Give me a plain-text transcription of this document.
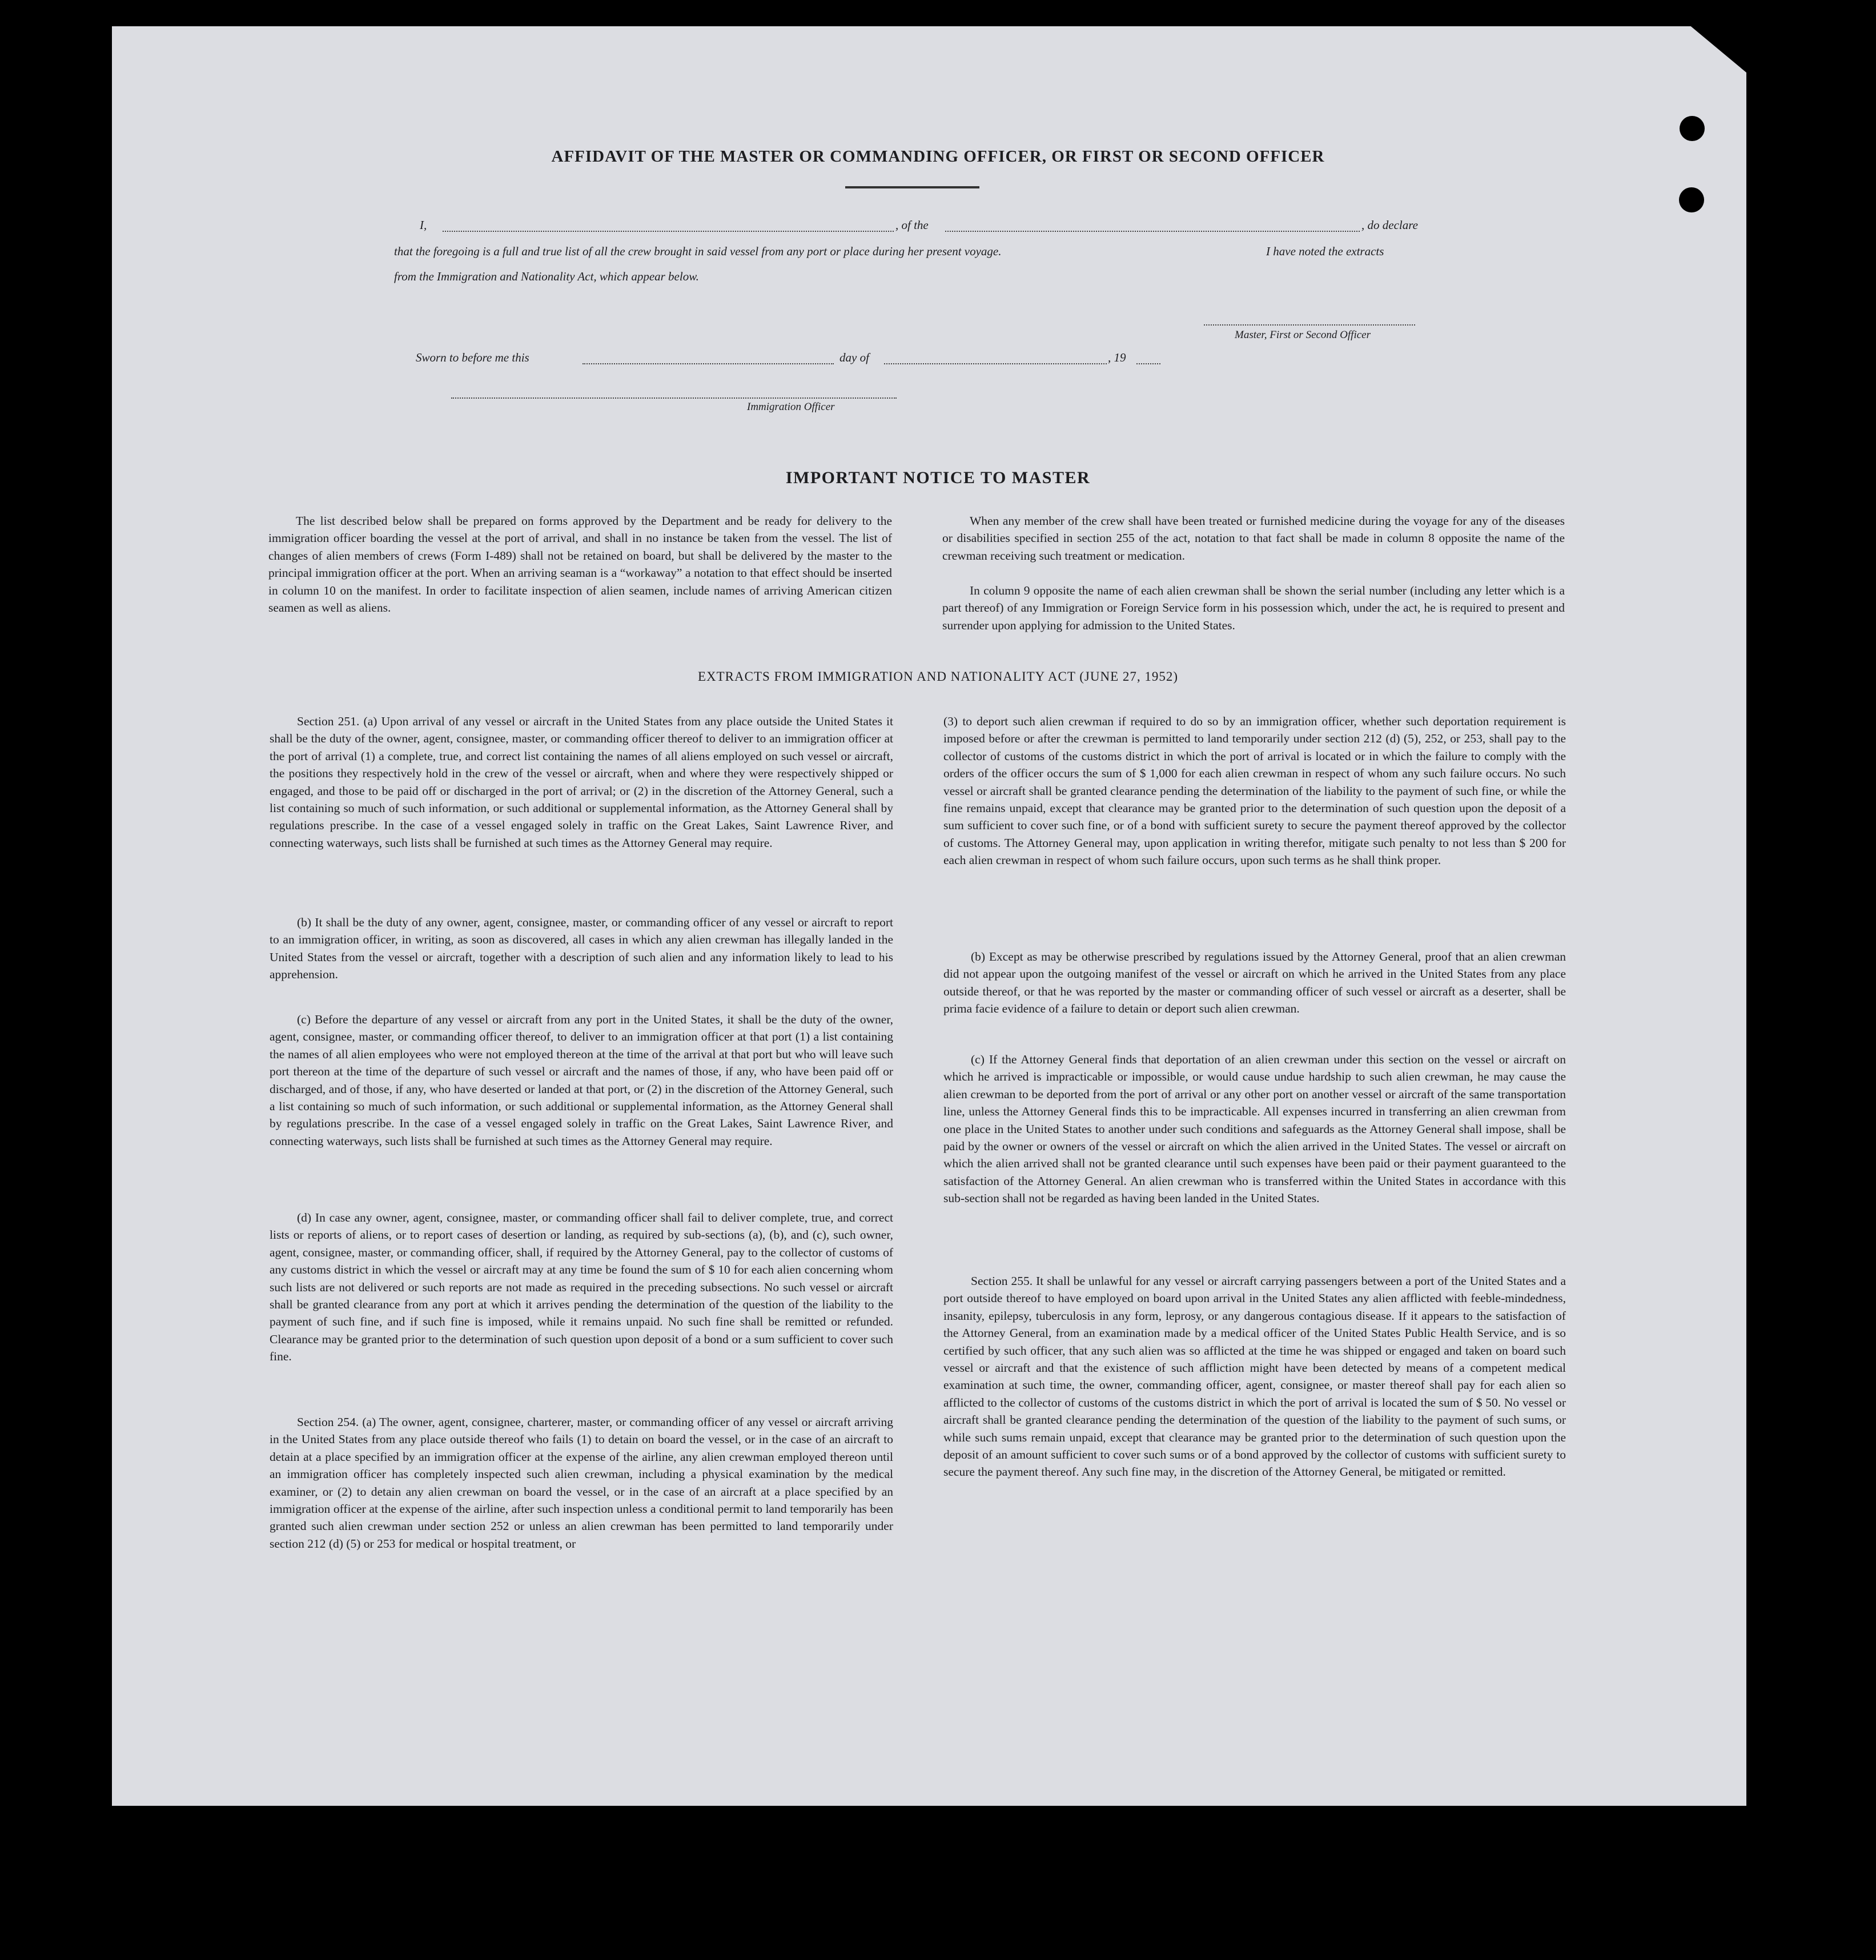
AFFIDAVIT OF THE MASTER OR COMMANDING OFFICER, OR FIRST OR SECOND OFFICER
I,	, of the	, do declare
that the foregoing is a full and true list of all the crew brought in said vessel from any port or place during her present voyage.	I have noted the extracts
from the Immigration and Nationality Act, which appear below.
Master, First or Second Officer
Sworn to before me this	day of	, 19
Immigration Officer
IMPORTANT NOTICE TO MASTER

The list described below shall be prepared on forms approved by the Department and be ready for delivery to the immigration officer boarding the vessel at the port of arrival, and shall in no instance be taken from the vessel. The list of changes of alien members of crews (Form I-489) shall not be retained on board, but shall be delivered by the master to the principal immigration officer at the port. When an arriving seaman is a “workaway” a notation to that effect should be inserted in column 10 on the manifest. In order to facilitate inspection of alien seamen, include names of arriving American citizen seamen as well as aliens.

When any member of the crew shall have been treated or furnished medicine during the voyage for any of the diseases or disabilities specified in section 255 of the act, notation to that fact shall be made in column 8 opposite the name of the crewman receiving such treatment or medication.

In column 9 opposite the name of each alien crewman shall be shown the serial number (including any letter which is a part thereof) of any Immigration or Foreign Service form in his possession which, under the act, he is required to present and surrender upon applying for admission to the United States.

EXTRACTS FROM IMMIGRATION AND NATIONALITY ACT (JUNE 27, 1952)

Section 251. (a) Upon arrival of any vessel or aircraft in the United States from any place outside the United States it shall be the duty of the owner, agent, consignee, master, or commanding officer thereof to deliver to an immigration officer at the port of arrival (1) a complete, true, and correct list containing the names of all aliens employed on such vessel or aircraft, the positions they respectively hold in the crew of the vessel or aircraft, when and where they were respectively shipped or engaged, and those to be paid off or discharged in the port of arrival; or (2) in the discretion of the Attorney General, such a list containing so much of such information, or such additional or supplemental information, as the Attorney General shall by regulations prescribe. In the case of a vessel engaged solely in traffic on the Great Lakes, Saint Lawrence River, and connecting waterways, such lists shall be furnished at such times as the Attorney General may require.

(b) It shall be the duty of any owner, agent, consignee, master, or commanding officer of any vessel or aircraft to report to an immigration officer, in writing, as soon as discovered, all cases in which any alien crewman has illegally landed in the United States from the vessel or aircraft, together with a description of such alien and any information likely to lead to his apprehension.

(c) Before the departure of any vessel or aircraft from any port in the United States, it shall be the duty of the owner, agent, consignee, master, or commanding officer thereof, to deliver to an immigration officer at that port (1) a list containing the names of all alien employees who were not employed thereon at the time of the arrival at that port but who will leave such port thereon at the time of the departure of such vessel or aircraft and the names of those, if any, who have been paid off or discharged, and of those, if any, who have deserted or landed at that port, or (2) in the discretion of the Attorney General, such a list containing so much of such information, or such additional or supplemental information, as the Attorney General shall by regulations prescribe. In the case of a vessel engaged solely in traffic on the Great Lakes, Saint Lawrence River, and connecting waterways, such lists shall be furnished at such times as the Attorney General may require.

(d) In case any owner, agent, consignee, master, or commanding officer shall fail to deliver complete, true, and correct lists or reports of aliens, or to report cases of desertion or landing, as required by sub-sections (a), (b), and (c), such owner, agent, consignee, master, or commanding officer, shall, if required by the Attorney General, pay to the collector of customs of any customs district in which the vessel or aircraft may at any time be found the sum of $ 10 for each alien concerning whom such lists are not delivered or such reports are not made as required in the preceding subsections. No such vessel or aircraft shall be granted clearance from any port at which it arrives pending the determination of the question of the liability to the payment of such fine, and if such fine is imposed, while it remains unpaid. No such fine shall be remitted or refunded. Clearance may be granted prior to the determination of such question upon deposit of a bond or a sum sufficient to cover such fine.

Section 254. (a) The owner, agent, consignee, charterer, master, or commanding officer of any vessel or aircraft arriving in the United States from any place outside thereof who fails (1) to detain on board the vessel, or in the case of an aircraft to detain at a place specified by an immigration officer at the expense of the airline, any alien crewman employed thereon until an immigration officer has completely inspected such alien crewman, including a physical examination by the medical examiner, or (2) to detain any alien crewman on board the vessel, or in the case of an aircraft at a place specified by an immigration officer at the expense of the airline, after such inspection unless a conditional permit to land temporarily has been granted such alien crewman under section 252 or unless an alien crewman has been permitted to land temporarily under section 212 (d) (5) or 253 for medical or hospital treatment, or

(3) to deport such alien crewman if required to do so by an immigration officer, whether such deportation requirement is imposed before or after the crewman is permitted to land temporarily under section 212 (d) (5), 252, or 253, shall pay to the collector of customs of the customs district in which the port of arrival is located or in which the failure to comply with the orders of the officer occurs the sum of $ 1,000 for each alien crewman in respect of whom any such failure occurs. No such vessel or aircraft shall be granted clearance pending the determination of the liability to the payment of such fine, or while the fine remains unpaid, except that clearance may be granted prior to the determination of such question upon the deposit of a sum sufficient to cover such fine, or of a bond with sufficient surety to secure the payment thereof approved by the collector of customs. The Attorney General may, upon application in writing therefor, mitigate such penalty to not less than $ 200 for each alien crewman in respect of whom such failure occurs, upon such terms as he shall think proper.

(b) Except as may be otherwise prescribed by regulations issued by the Attorney General, proof that an alien crewman did not appear upon the outgoing manifest of the vessel or aircraft on which he arrived in the United States from any place outside thereof, or that he was reported by the master or commanding officer of such vessel or aircraft as a deserter, shall be prima facie evidence of a failure to detain or deport such alien crewman.

(c) If the Attorney General finds that deportation of an alien crewman under this section on the vessel or aircraft on which he arrived is impracticable or impossible, or would cause undue hardship to such alien crewman, he may cause the alien crewman to be deported from the port of arrival or any other port on another vessel or aircraft of the same transportation line, unless the Attorney General finds this to be impracticable. All expenses incurred in transferring an alien crewman from one place in the United States to another under such conditions and safeguards as the Attorney General shall impose, shall be paid by the owner or owners of the vessel or aircraft on which the alien arrived in the United States. The vessel or aircraft on which the alien arrived shall not be granted clearance until such expenses have been paid or their payment guaranteed to the satisfaction of the Attorney General. An alien crewman who is transferred within the United States in accordance with this sub-section shall not be regarded as having been landed in the United States.

Section 255. It shall be unlawful for any vessel or aircraft carrying passengers between a port of the United States and a port outside thereof to have employed on board upon arrival in the United States any alien afflicted with feeble-mindedness, insanity, epilepsy, tuberculosis in any form, leprosy, or any dangerous contagious disease. If it appears to the satisfaction of the Attorney General, from an examination made by a medical officer of the United States Public Health Service, and is so certified by such officer, that any such alien was so afflicted at the time he was shipped or engaged and taken on board such vessel or aircraft and that the existence of such affliction might have been detected by means of a competent medical examination at such time, the owner, commanding officer, agent, consignee, or master thereof shall pay for each alien so afflicted to the collector of customs of the customs district in which the port of arrival is located the sum of $ 50. No vessel or aircraft shall be granted clearance pending the determination of the question of the liability to the payment of such sums, or while such sums remain unpaid, except that clearance may be granted prior to the determination of such question upon the deposit of an amount sufficient to cover such sums or of a bond approved by the collector of customs with sufficient surety to secure the payment thereof. Any such fine may, in the discretion of the Attorney General, be mitigated or remitted.
